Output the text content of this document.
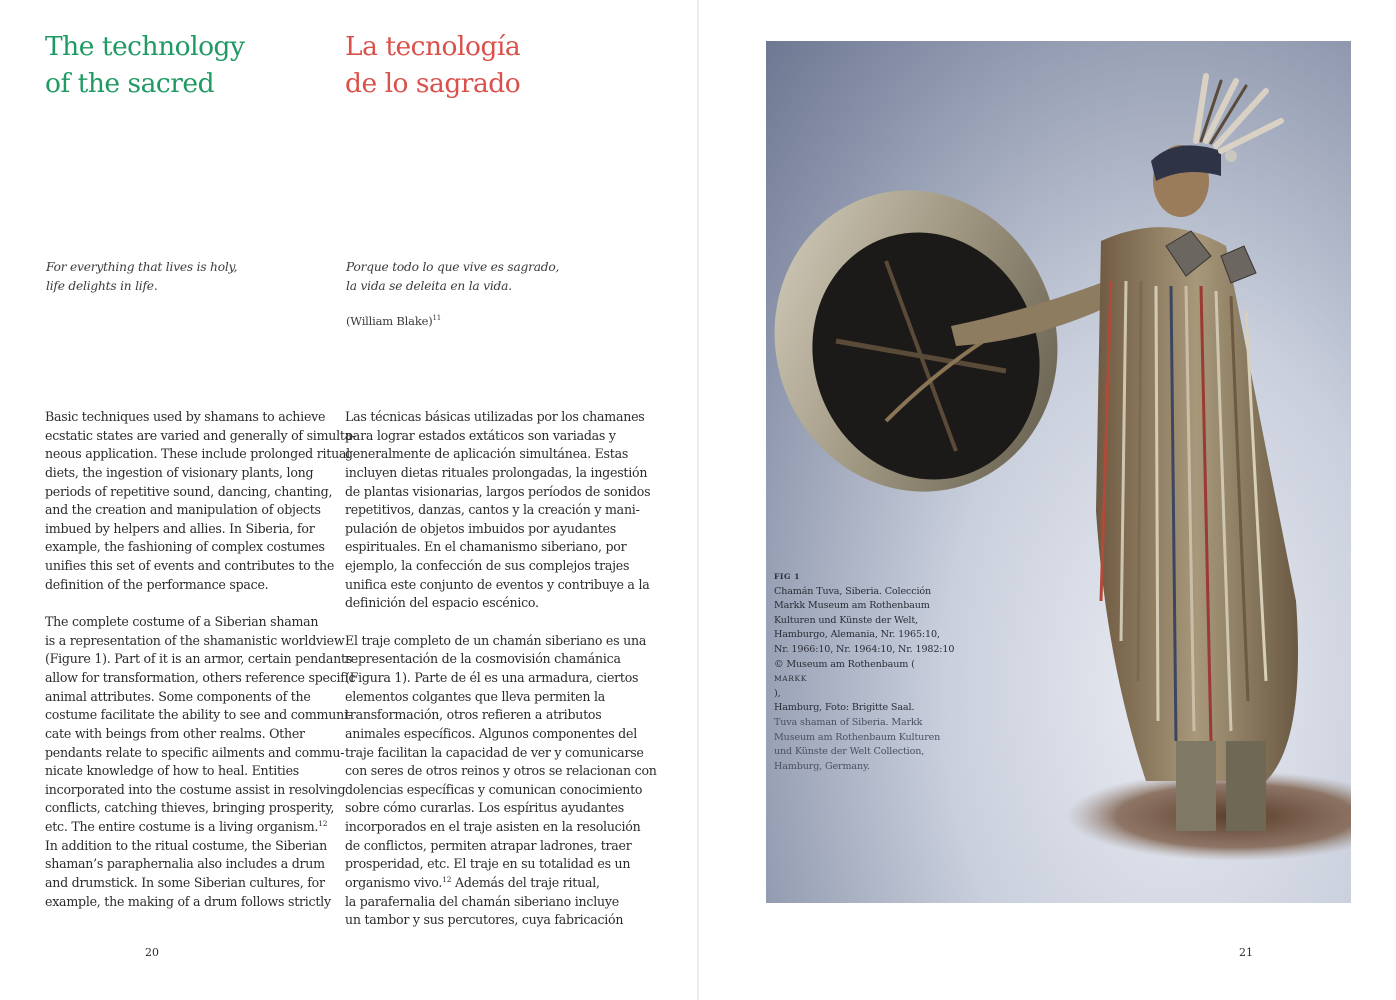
The technology
of the sacred
La tecnología
de lo sagrado
For everything that lives is holy,
life delights in life.
Porque todo lo que vive es sagrado,
la vida se deleita en la vida.
(William Blake)$^{11}$
Basic techniques used by shamans to achieve
ecstatic states are varied and generally of simulta-
neous application. These include prolonged ritual
diets, the ingestion of visionary plants, long
periods of repetitive sound, dancing, chanting,
and the creation and manipulation of objects
imbued by helpers and allies. In Siberia, for
example, the fashioning of complex costumes
unifies this set of events and contributes to the
definition of the performance space.
The complete costume of a Siberian shaman
is a representation of the shamanistic worldview
(Figure 1). Part of it is an armor, certain pendants
allow for transformation, others reference specific
animal attributes. Some components of the
costume facilitate the ability to see and communi-
cate with beings from other realms. Other
pendants relate to specific ailments and commu-
nicate knowledge of how to heal. Entities
incorporated into the costume assist in resolving
conflicts, catching thieves, bringing prosperity,
etc. The entire costume is a living organism.$^{12}$
In addition to the ritual costume, the Siberian
shaman’s paraphernalia also includes a drum
and drumstick. In some Siberian cultures, for
example, the making of a drum follows strictly
Las técnicas básicas utilizadas por los chamanes
para lograr estados extáticos son variadas y
generalmente de aplicación simultánea. Estas
incluyen dietas rituales prolongadas, la ingestión
de plantas visionarias, largos períodos de sonidos
repetitivos, danzas, cantos y la creación y mani-
pulación de objetos imbuidos por ayudantes
espirituales. En el chamanismo siberiano, por
ejemplo, la confección de sus complejos trajes
unifica este conjunto de eventos y contribuye a la
definición del espacio escénico.
El traje completo de un chamán siberiano es una
representación de la cosmovisión chamánica
(Figura 1). Parte de él es una armadura, ciertos
elementos colgantes que lleva permiten la
transformación, otros refieren a atributos
animales específicos. Algunos componentes del
traje facilitan la capacidad de ver y comunicarse
con seres de otros reinos y otros se relacionan con
dolencias específicas y comunican conocimiento
sobre cómo curarlas. Los espíritus ayudantes
incorporados en el traje asisten en la resolución
de conflictos, permiten atrapar ladrones, traer
prosperidad, etc. El traje en su totalidad es un
organismo vivo.$^{12}$ Además del traje ritual,
la parafernalia del chamán siberiano incluye
un tambor y sus percutores, cuya fabricación
20
FIG 1
Chamán Tuva, Siberia. Colección
Markk Museum am Rothenbaum
Kulturen und Künste der Welt,
Hamburgo, Alemania, Nr. 1965:10,
Nr. 1966:10, Nr. 1964:10, Nr. 1982:10
© Museum am Rothenbaum (
MARKK
),
Hamburg, Foto: Brigitte Saal.
Tuva shaman of Siberia. Markk
Museum am Rothenbaum Kulturen
und Künste der Welt Collection,
Hamburg, Germany.
21
